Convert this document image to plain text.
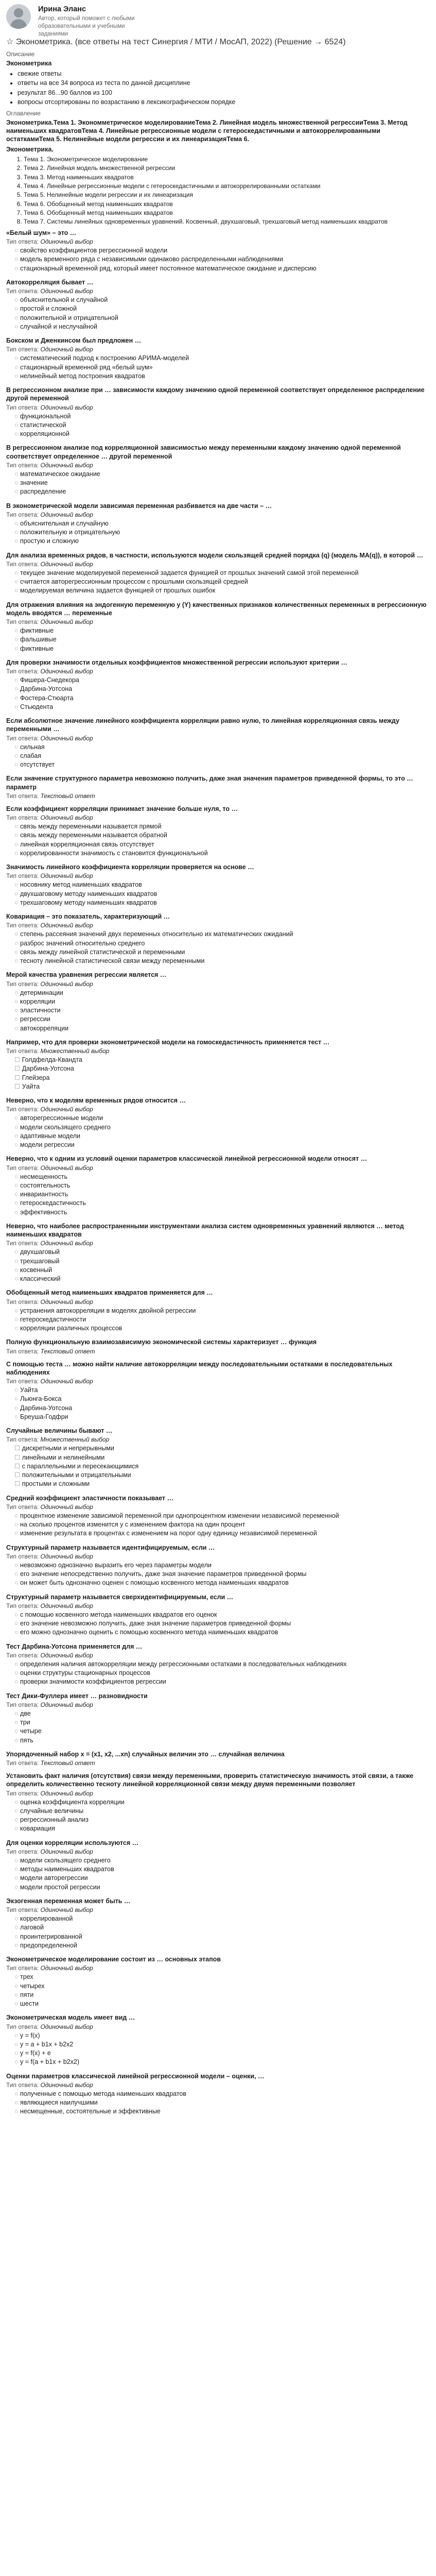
Ирина Эланс
Автор, который поможет с любыми образовательными и учебными заданиями
☆ Эконометрика. (все ответы на тест Синергия / МТИ / МосАП, 2022) (Решение → 6524)
Описание
Эконометрика
• свежие ответы
• ответы на все 34 вопроса из теста по данной дисциплине
• результат 86...90 баллов из 100
• вопросы отсортированы по возрастанию в лексикографическом порядке
Оглавление
Эконометрика.Тема 1. Экономметрическое моделированиеТема 2. Линейная модель множественной регрессииТема 3. Метод наименьших квадратовТема 4. Линейные регрессионные модели с гетероскедастичными и автокоррелированными остаткамиТема 5. Нелинейные модели регрессии и их линеаризацияТема 6.
Эконометрика.
1. Тема 1. Эконометрическое моделирование
2. Тема 2. Линейная модель множественной регрессии
3. Тема 3. Метод наименьших квадратов
4. Тема 4. Линейные регрессионные модели с гетероскедастичными и автокоррелированными остатками
5. Тема 5. Нелинейные модели регрессии и их линеаризация
6. Тема 6. Обобщенный метод наименьших квадратов
7. Тема 6. Обобщенный метод наименьших квадратов
8. Тема 7. Системы линейных одновременных уравнений. Косвенный, двухшаговый, трехшаговый метод наименьших квадратов
«Белый шум» – это …
Тип ответа: Одиночный выбор
○ свойство коэффициентов регрессионной модели
○ модель временного ряда с независимыми одинаково распределенными наблюдениями
○ стационарный временной ряд, который имеет постоянное математическое ожидание и дисперсию
Автокорреляция бывает …
Тип ответа: Одиночный выбор
○ объяснительной и случайной
○ простой и сложной
○ положительной и отрицательной
○ случайной и неслучайной
Бокском и Дженкинсом был предложен …
Тип ответа: Одиночный выбор
○ систематический подход к построению АРИМА-моделей
○ стационарный временной ряд «белый шум»
○ нелинейный метод построения квадратов
В регрессионном анализе при … зависимости каждому значению одной переменной соответствует определенное распределение другой переменной
Тип ответа: Одиночный выбор
○ функциональной
○ статистической
○ корреляционной
В регрессионном анализе под корреляционной зависимостью между переменными каждому значению одной переменной соответствует определенное … другой переменной
Тип ответа: Одиночный выбор
○ математическое ожидание
○ значение
○ распределение
В эконометрической модели зависимая переменная разбивается на две части – …
Тип ответа: Одиночный выбор
○ объяснительная и случайную
○ положительную и отрицательную
○ простую и сложную
Для анализа временных рядов, в частности, используются модели скользящей средней порядка (q) (модель MA(q)), в которой …
Тип ответа: Одиночный выбор
○ текущее значение моделируемой переменной задается функцией от прошлых значений самой этой переменной
○ считается авторегрессионным процессом с прошлыми скользящей средней
○ моделируемая величина задается функцией от прошлых ошибок
Для отражения влияния на эндогенную переменную y (Y) качественных признаков количественных переменных в регрессионную модель вводятся … переменные
Тип ответа: Одиночный выбор
○ фиктивные
○ фальшивые
○ фиктивные
Для проверки значимости отдельных коэффициентов множественной регрессии используют критерии …
Тип ответа: Одиночный выбор
○ Фишера-Снедекора
○ Дарбина-Уотсона
○ Фостера-Стюарта
○ Стьюдента
Если абсолютное значение линейного коэффициента корреляции равно нулю, то линейная корреляционная связь между переменными …
Тип ответа: Одиночный выбор
○ сильная
○ слабая
○ отсутствует
Если значение структурного параметра невозможно получить, даже зная значения параметров приведенной формы, то это … параметр
Тип ответа: Текстовый ответ
Если коэффициент корреляции принимает значение больше нуля, то …
Тип ответа: Одиночный выбор
○ связь между переменными называется прямой
○ связь между переменными называется обратной
○ линейная корреляционная связь отсутствует
○ коррелированности значимость с становится функциональной
Значимость линейного коэффициента корреляции проверяется на основе …
Тип ответа: Одиночный выбор
○ носовнику метод наименьших квадратов
○ двухшаговому методу наименьших квадратов
○ трехшаговому методу наименьших квадратов
Ковариация – это показатель, характеризующий …
Тип ответа: Одиночный выбор
○ степень рассеяния значений двух переменных относительно их математических ожиданий
○ разброс значений относительно среднего
○ связь между линейной статистической и переменными
○ тесноту линейной статистической связи между переменными
Мерой качества уравнения регрессии является …
Тип ответа: Одиночный выбор
○ детерминации
○ корреляции
○ эластичности
○ регрессии
○ автокорреляции
Например, что для проверки эконометрической модели на гомоскедастичность применяется тест …
Тип ответа: Множественный выбор
☐ Голдфелда-Квандта
☐ Дарбина-Уотсона
☐ Глейзера
☐ Уайта
Неверно, что к моделям временных рядов относится …
Тип ответа: Одиночный выбор
○ авторегрессионные модели
○ модели скользящего среднего
○ адаптивные модели
○ модели регрессии
Неверно, что к одним из условий оценки параметров классической линейной регрессионной модели относят …
Тип ответа: Одиночный выбор
○ несмещенность
○ состоятельность
○ инвариантность
○ гетероскедастичность
○ эффективность
Неверно, что наиболее распространенными инструментами анализа систем одновременных уравнений являются … метод наименьших квадратов
Тип ответа: Одиночный выбор
○ двухшаговый
○ трехшаговый
○ косвенный
○ классический
Обобщенный метод наименьших квадратов применяется для …
Тип ответа: Одиночный выбор
○ устранения автокорреляции в моделях двойной регрессии
○ гетероскедастичности
○ корреляции различных процессов
Полную функциональную взаимозависимую экономической системы характеризует … функция
Тип ответа: Текстовый ответ
С помощью теста … можно найти наличие автокорреляции между последовательными остатками в последовательных наблюдениях
Тип ответа: Одиночный выбор
○ Уайта
○ Льюнга-Бокса
○ Дарбина-Уотсона
○ Бреуша-Годфри
Случайные величины бывают …
Тип ответа: Множественный выбор
☐ дискретными и непрерывными
☐ линейными и нелинейными
☐ с параллельными и пересекающимися
☐ положительными и отрицательными
☐ простыми и сложными
Средний коэффициент эластичности показывает …
Тип ответа: Одиночный выбор
○ процентное изменение зависимой переменной при однопроцентном изменении независимой переменной
○ на сколько процентов изменится y с изменением фактора на один процент
○ изменение результата в процентах с изменением на порог одну единицу независимой переменной
Структурный параметр называется идентифицируемым, если …
Тип ответа: Одиночный выбор
○ невозможно однозначно выразить его через параметры модели
○ его значение непосредственно получить, даже зная значение параметров приведенной формы
○ он может быть однозначно оценен с помощью косвенного метода наименьших квадратов
Структурный параметр называется сверхидентифицируемым, если …
Тип ответа: Одиночный выбор
○ с помощью косвенного метода наименьших квадратов его оценок
○ его значение невозможно получить, даже зная значение параметров приведенной формы
○ его можно однозначно оценить с помощью косвенного метода наименьших квадратов
Тест Дарбина-Уотсона применяется для …
Тип ответа: Одиночный выбор
○ определения наличия автокорреляции между регрессионными остатками в последовательных наблюдениях
○ оценки структуры стационарных процессов
○ проверки значимости коэффициентов регрессии
Тест Дики-Фуллера имеет … разновидности
Тип ответа: Одиночный выбор
○ две
○ три
○ четыре
○ пять
Упорядоченный набор x = (x1, x2, ...xn) случайных величин это … случайная величина
Тип ответа: Текстовый ответ
Установить факт наличия (отсутствия) связи между переменными, проверить статистическую значимость этой связи, а также определить количественно тесноту линейной корреляционной связи между двумя переменными позволяет
Тип ответа: Одиночный выбор
○ оценка коэффициента корреляции
○ случайные величины
○ регрессионный анализ
○ ковариация
Для оценки корреляции используются …
Тип ответа: Одиночный выбор
○ модели скользящего среднего
○ методы наименьших квадратов
○ модели авторегрессии
○ модели простой регрессии
Экзогенная переменная может быть …
Тип ответа: Одиночный выбор
○ коррелированной
○ лаговой
○ проинтегрированной
○ предопределенной
Эконометрическое моделирование состоит из … основных этапов
Тип ответа: Одиночный выбор
○ трех
○ четырех
○ пяти
○ шести
Эконометрическая модель имеет вид …
Тип ответа: Одиночный выбор
○ y = f(x)
○ y = a + b1x + b2x2
○ y = f(x) + e
○ y = f(a + b1x + b2x2)
Оценки параметров классической линейной регрессионной модели – оценки, …
Тип ответа: Одиночный выбор
○ полученные с помощью метода наименьших квадратов
○ являющиеся наилучшими
○ несмещенные, состоятельные и эффективные
